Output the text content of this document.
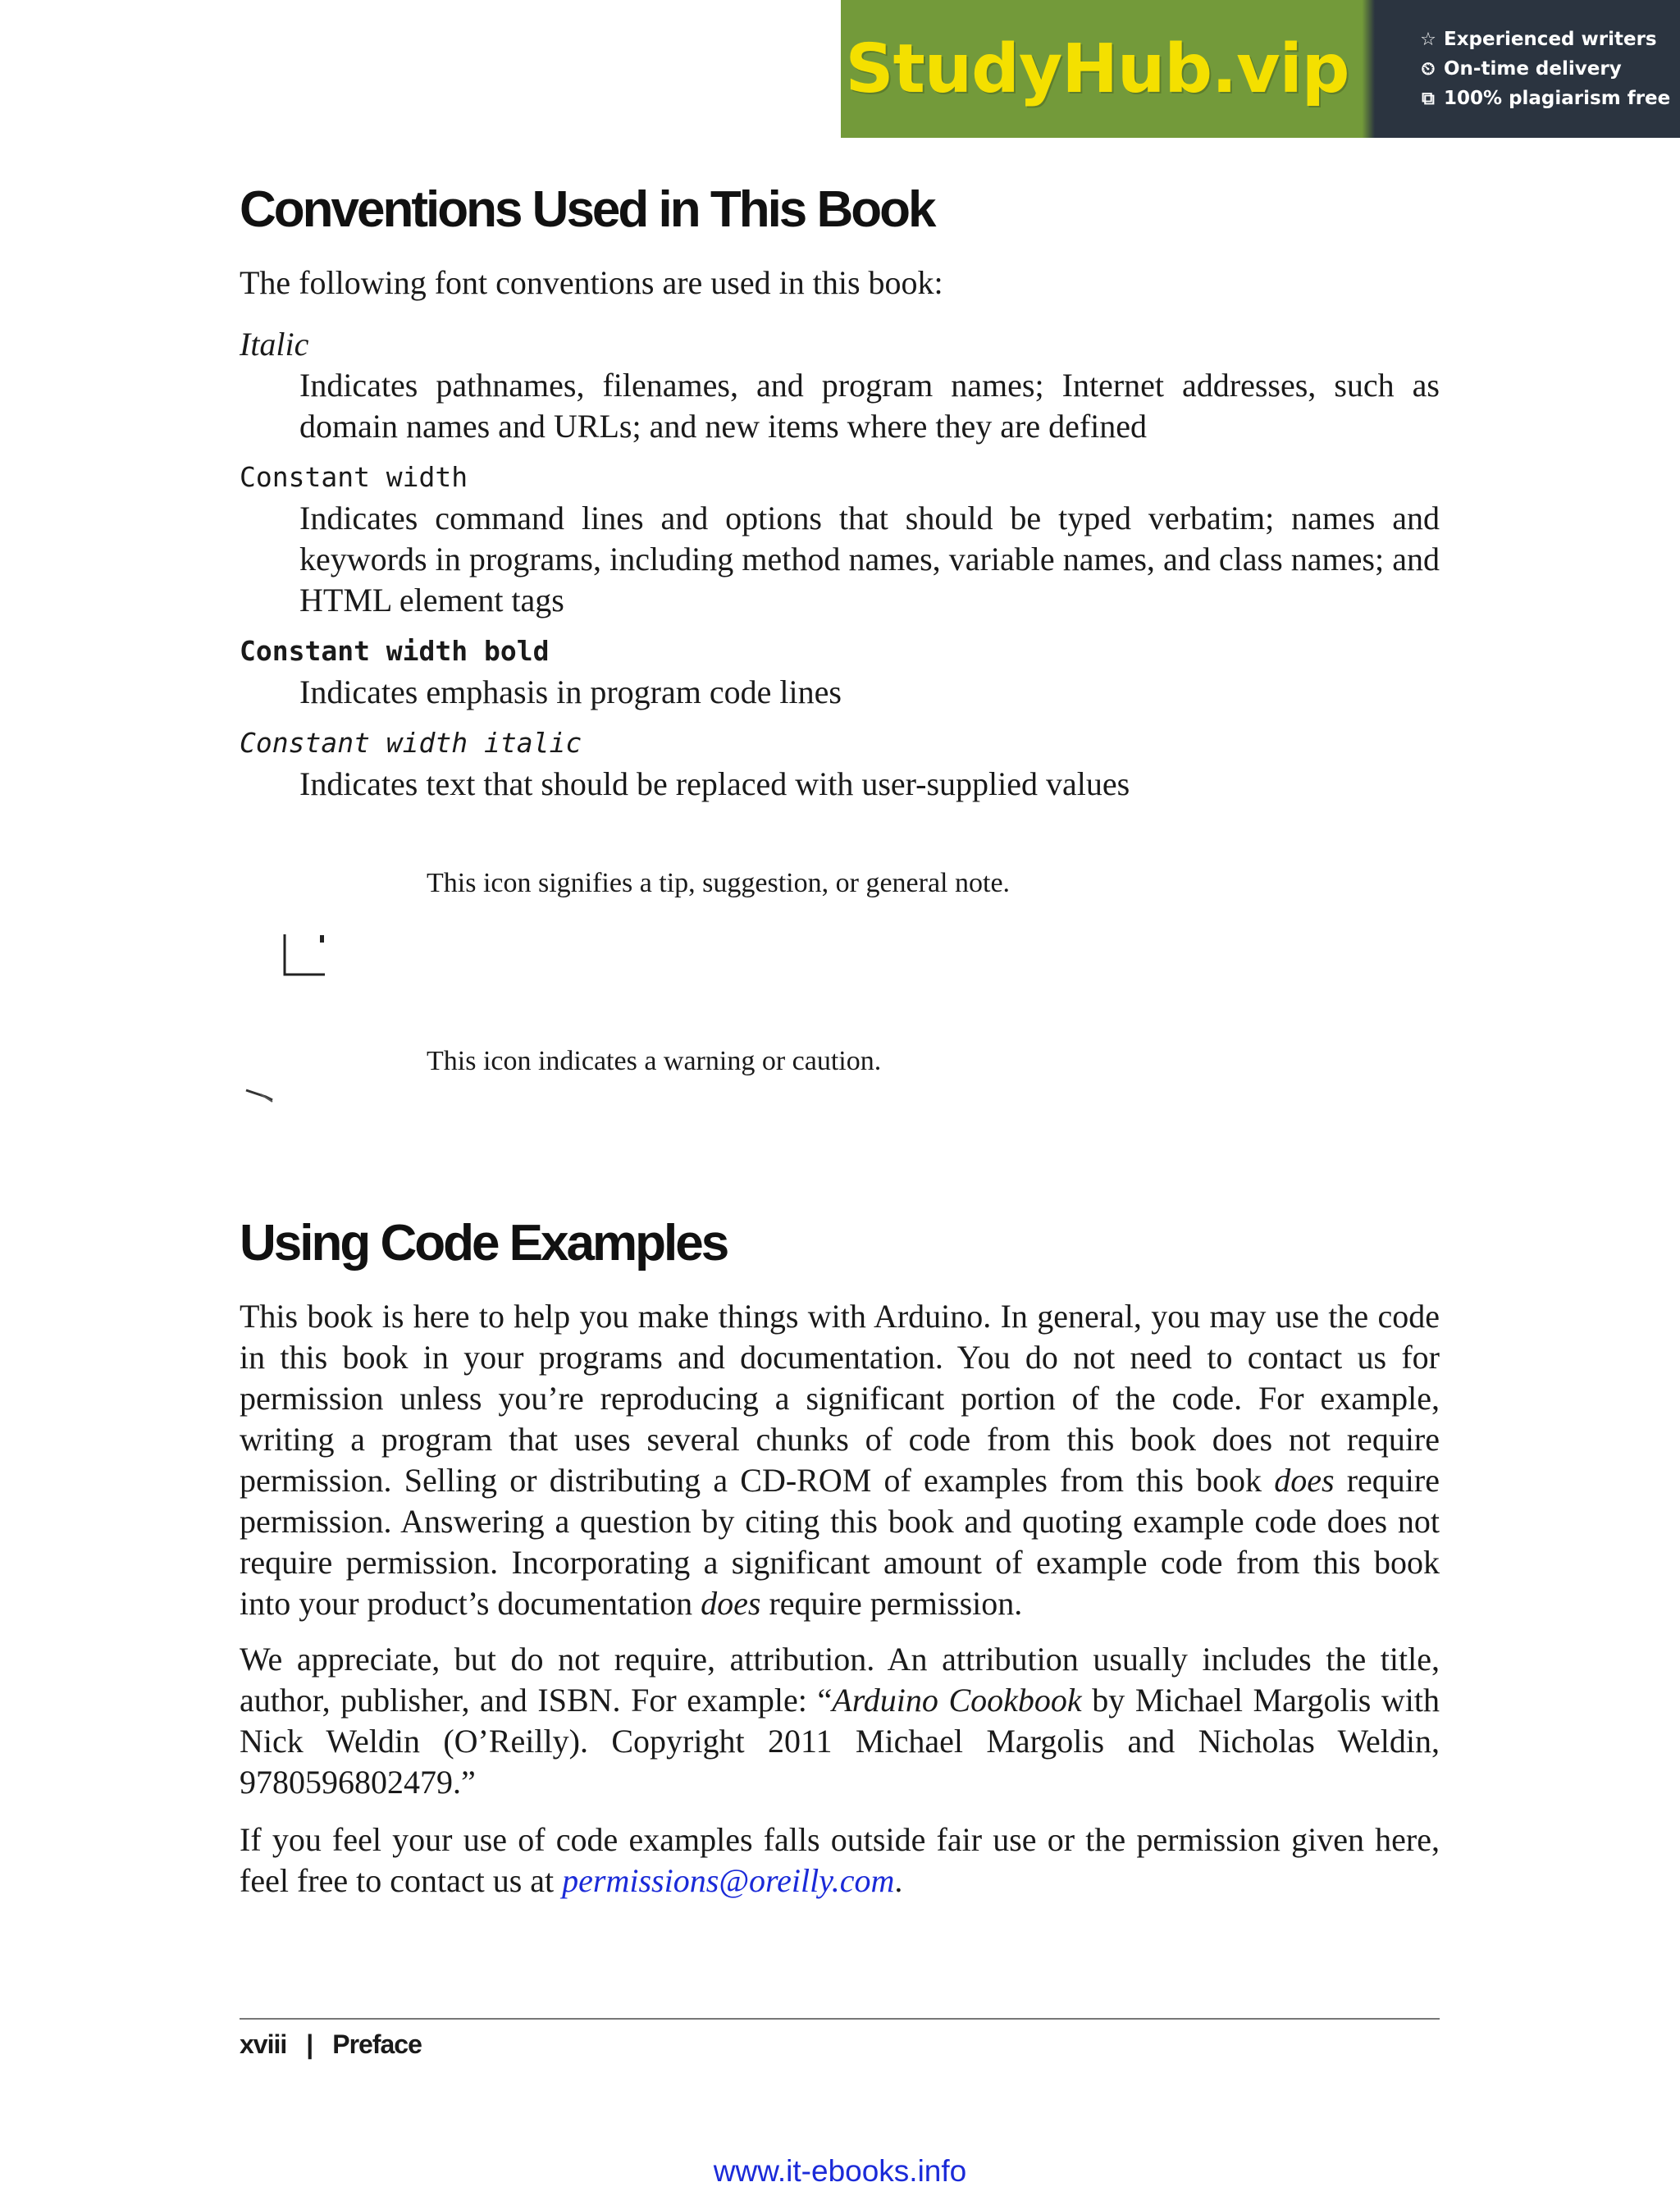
StudyHub.vip	☆ Experienced writers
⏲ On-time delivery
⧉ 100% plagiarism free
Conventions Used in This Book
The following font conventions are used in this book:
Italic
Indicates pathnames, filenames, and program names; Internet addresses, such as domain names and URLs; and new items where they are defined
Constant width
Indicates command lines and options that should be typed verbatim; names and keywords in programs, including method names, variable names, and class names; and HTML element tags
Constant width bold
Indicates emphasis in program code lines
Constant width italic
Indicates text that should be replaced with user-supplied values
This icon signifies a tip, suggestion, or general note.
This icon indicates a warning or caution.
Using Code Examples

This book is here to help you make things with Arduino. In general, you may use the code in this book in your programs and documentation. You do not need to contact us for permission unless you’re reproducing a significant portion of the code. For example, writing a program that uses several chunks of code from this book does not require permission. Selling or distributing a CD-ROM of examples from this book does require permission. Answering a question by citing this book and quoting example code does not require permission. Incorporating a significant amount of example code from this book into your product’s documentation does require permission.

We appreciate, but do not require, attribution. An attribution usually includes the title, author, publisher, and ISBN. For example: “Arduino Cookbook by Michael Margolis with Nick Weldin (O’Reilly). Copyright 2011 Michael Margolis and Nicholas Weldin, 9780596802479.”

If you feel your use of code examples falls outside fair use or the permission given here, feel free to contact us at permissions@oreilly.com.

xviii | Preface
www.it-ebooks.info
